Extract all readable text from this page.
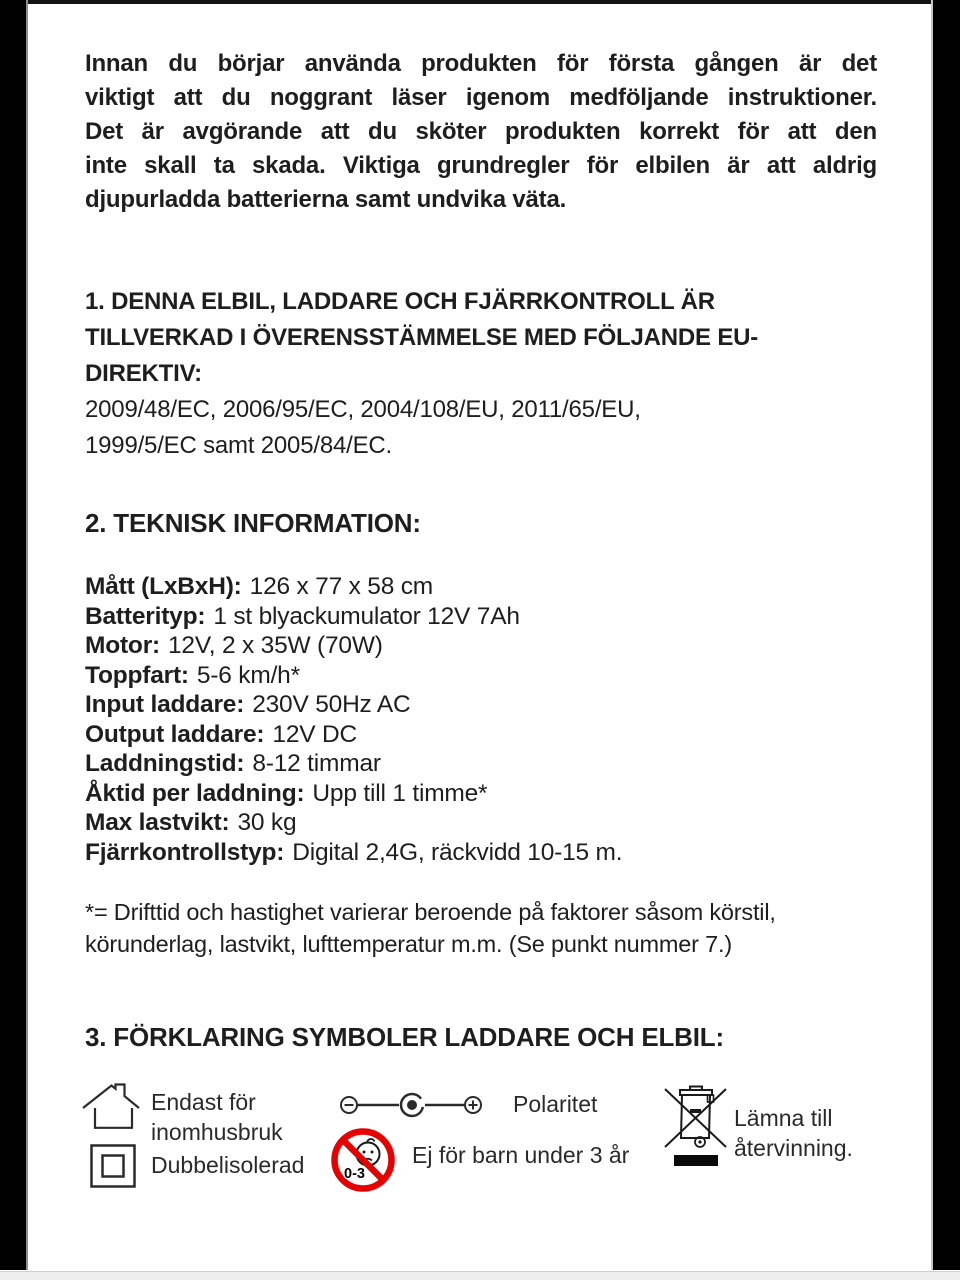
Innan du börjar använda produkten för första gången är det
viktigt att du noggrant läser igenom medföljande instruktioner.
Det är avgörande att du sköter produkten korrekt för att den
inte skall ta skada. Viktiga grundregler för elbilen är att aldrig
djupurladda batterierna samt undvika väta.
1. DENNA ELBIL, LADDARE OCH FJÄRRKONTROLL ÄR
TILLVERKAD I ÖVERENSSTÄMMELSE MED FÖLJANDE EU-
DIREKTIV:
2009/48/EC, 2006/95/EC, 2004/108/EU, 2011/65/EU,
1999/5/EC samt 2005/84/EC.
2. TEKNISK INFORMATION:
Mått (LxBxH): 126 x 77 x 58 cm
Batterityp: 1 st blyackumulator 12V 7Ah
Motor: 12V, 2 x 35W (70W)
Toppfart: 5-6 km/h*
Input laddare: 230V 50Hz AC
Output laddare: 12V DC
Laddningstid: 8-12 timmar
Åktid per laddning: Upp till 1 timme*
Max lastvikt: 30 kg
Fjärrkontrollstyp: Digital 2,4G, räckvidd 10-15 m.
*= Drifttid och hastighet varierar beroende på faktorer såsom körstil,
körunderlag, lastvikt, lufttemperatur m.m. (Se punkt nummer 7.)
3. FÖRKLARING SYMBOLER LADDARE OCH ELBIL:
Endast för inomhusbruk
Dubbelisolerad
Polaritet
0-3
Ej för barn under 3 år
Lämna till återvinning.
